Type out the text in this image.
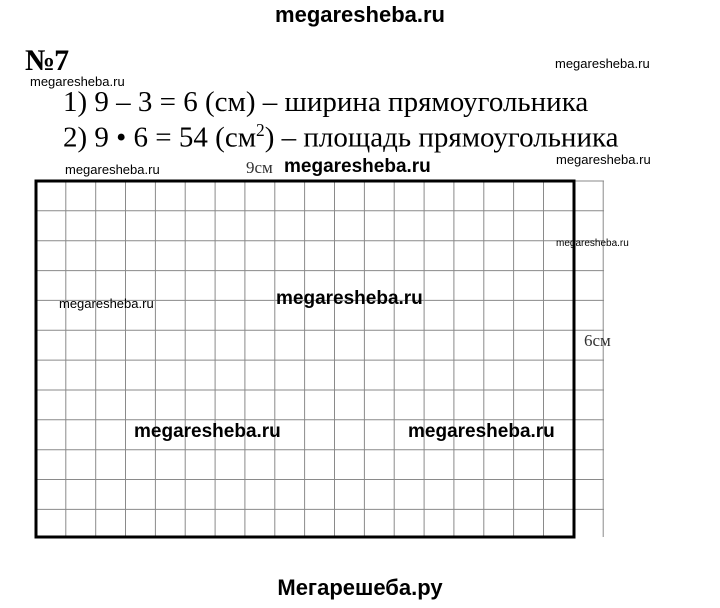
megaresheba.ru
№7
1) 9 – 3 = 6 (см) – ширина прямоугольника
2) 9 • 6 = 54 $(см^2)$ – площадь прямоугольника
megaresheba.ru
megaresheba.ru
megaresheba.ru
megaresheba.ru
megaresheba.ru
megaresheba.ru
megaresheba.ru
megaresheba.ru
megaresheba.ru	megaresheba.ru
9см
6см
Мегарешеба.ру
